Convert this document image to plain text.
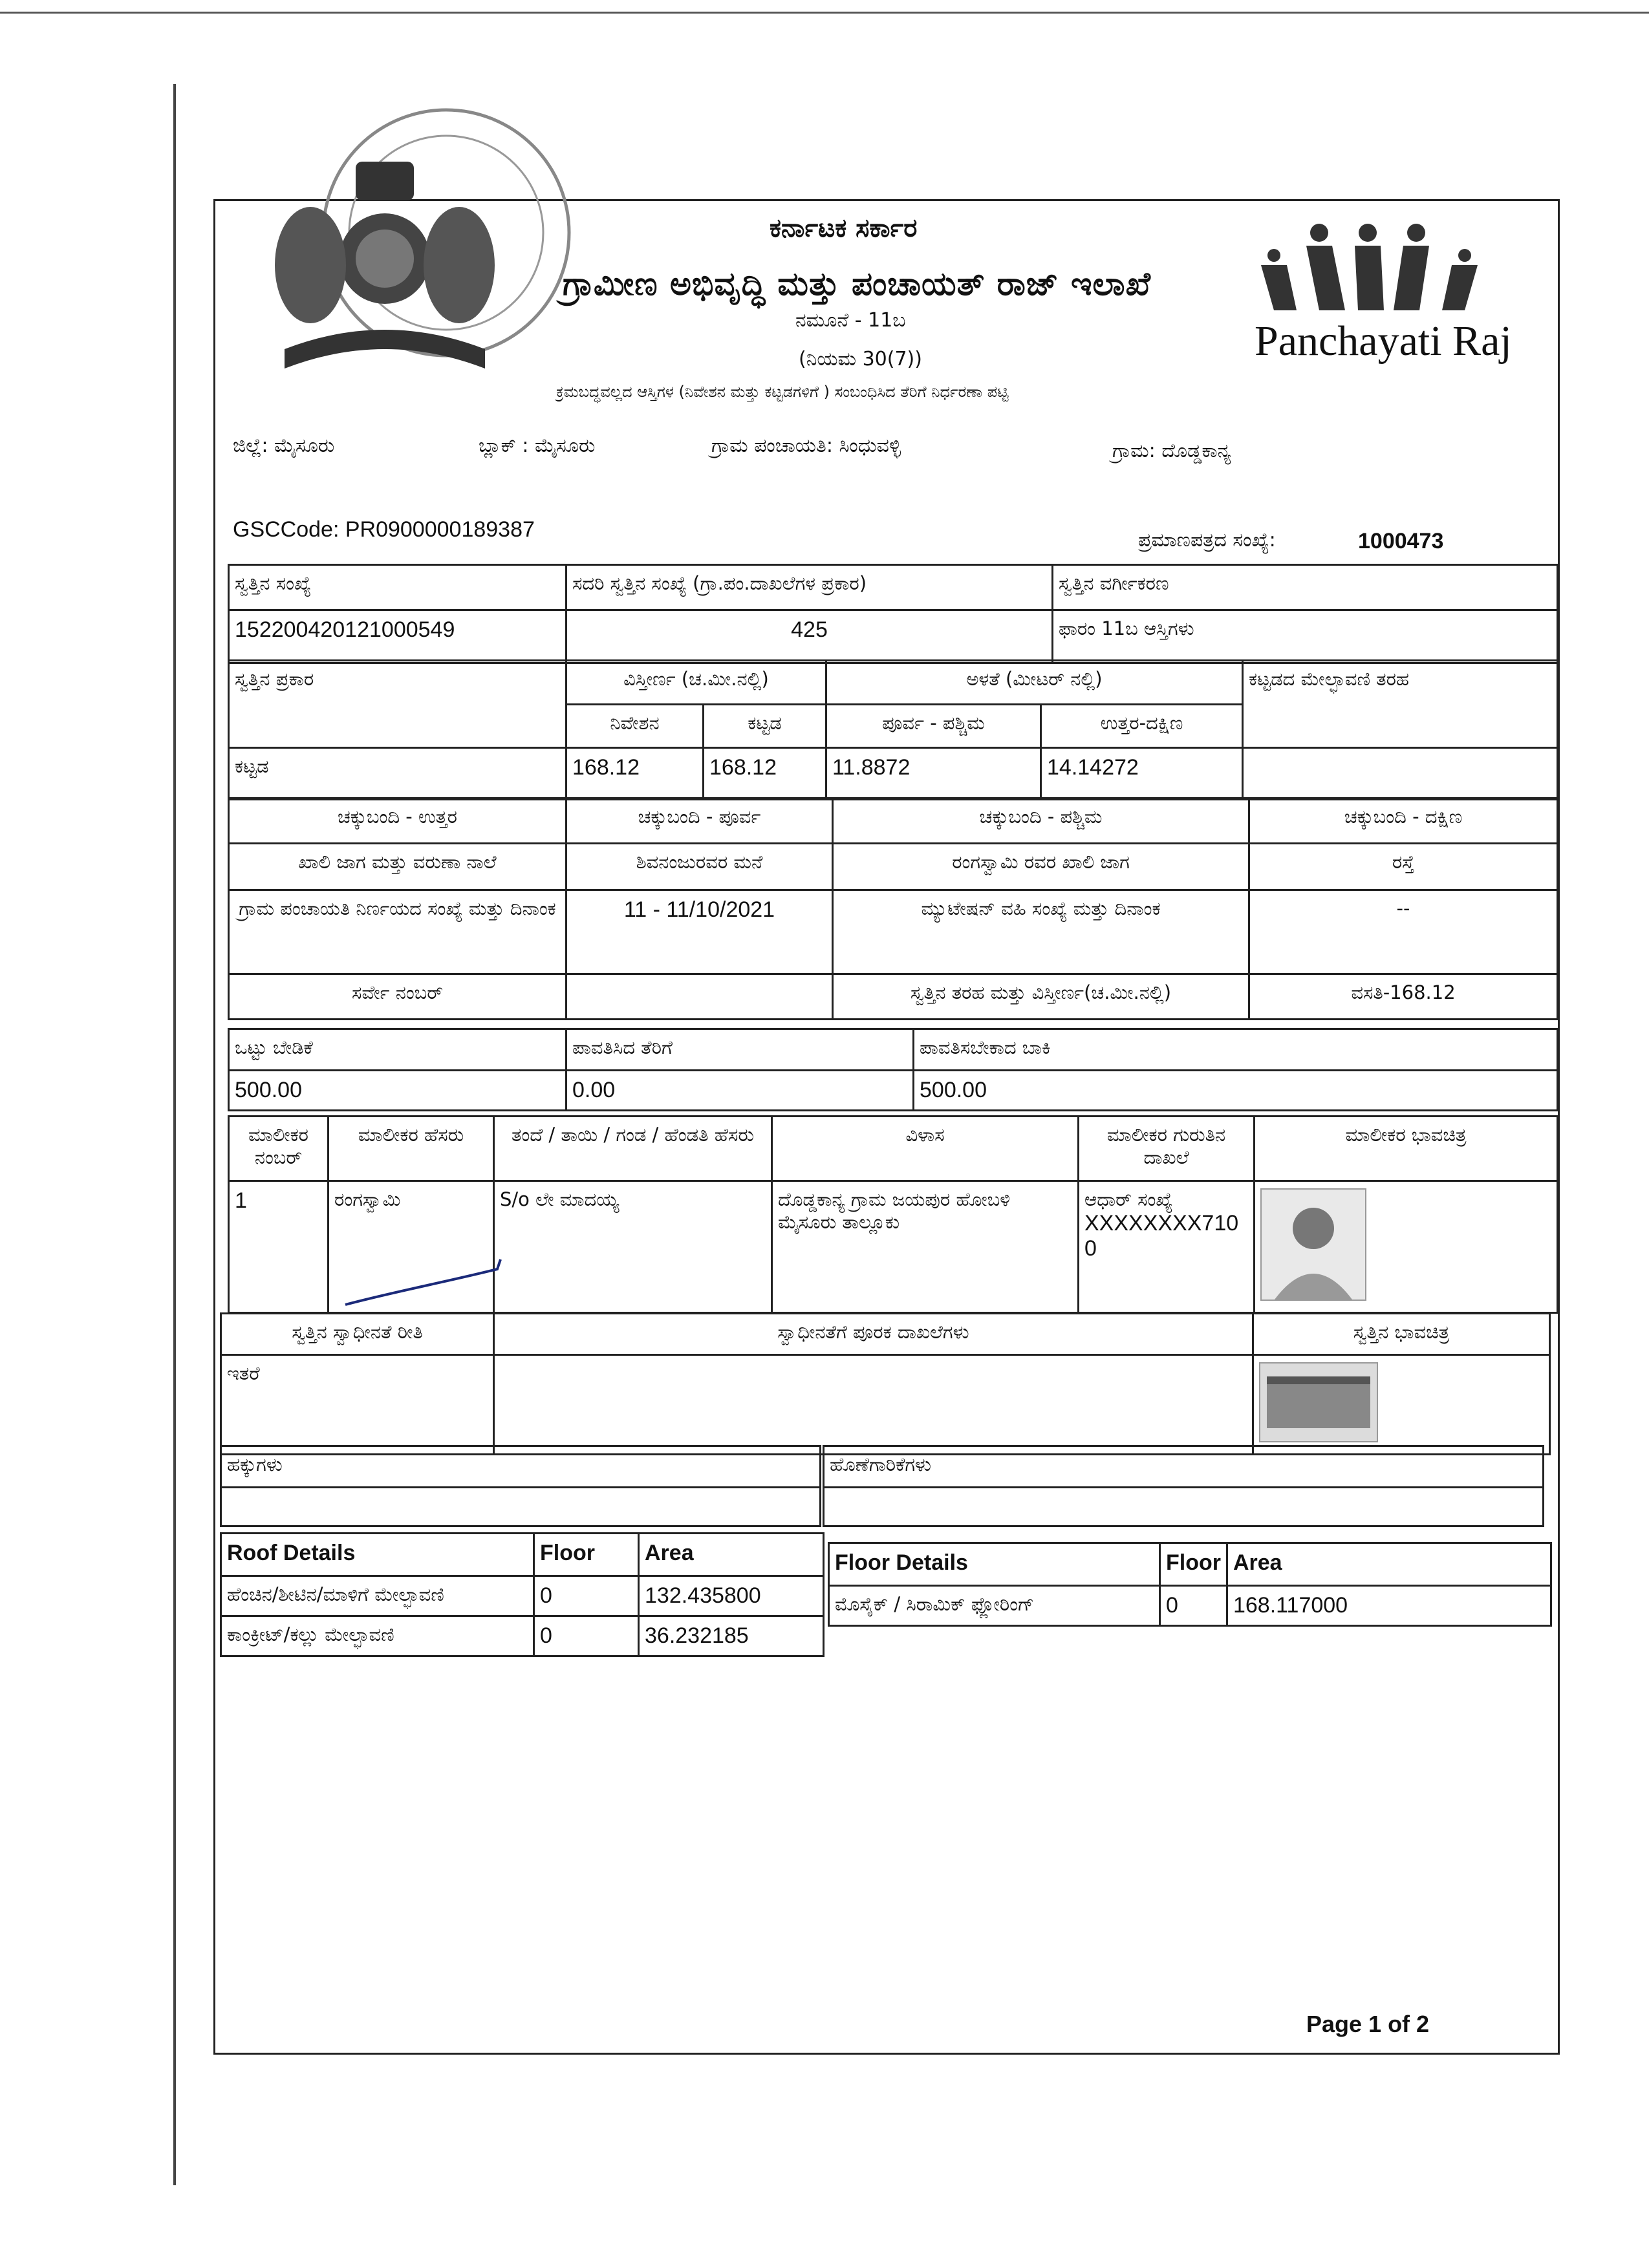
ಕರ್ನಾಟಕ ಸರ್ಕಾರ
ಗ್ರಾಮೀಣ ಅಭಿವೃದ್ಧಿ ಮತ್ತು ಪಂಚಾಯತ್ ರಾಜ್ ಇಲಾಖೆ
ನಮೂನೆ - 11ಬ
(ನಿಯಮ 30(7))
ಕ್ರಮಬದ್ಧವಲ್ಲದ ಆಸ್ತಿಗಳ (ನಿವೇಶನ ಮತ್ತು ಕಟ್ಟಡಗಳಿಗೆ ) ಸಂಬಂಧಿಸಿದ ತೆರಿಗೆ ನಿರ್ಧರಣಾ ಪಟ್ಟಿ
Panchayati Raj
ಜಿಲ್ಲೆ: ಮೈಸೂರು	ಬ್ಲಾಕ್ : ಮೈಸೂರು	ಗ್ರಾಮ ಪಂಚಾಯತಿ: ಸಿಂಧುವಳ್ಳಿ	ಗ್ರಾಮ: ದೊಡ್ಡಕಾನ್ಯ
GSCCode: PR0900000189387	ಪ್ರಮಾಣಪತ್ರದ ಸಂಖ್ಯೆ:	1000473
ಸ್ವತ್ತಿನ ಸಂಖ್ಯೆ	ಸದರಿ ಸ್ವತ್ತಿನ ಸಂಖ್ಯೆ (ಗ್ರಾ.ಪಂ.ದಾಖಲೆಗಳ ಪ್ರಕಾರ)	ಸ್ವತ್ತಿನ ವರ್ಗೀಕರಣ
152200420121000549	425	ಫಾರಂ 11ಬ ಆಸ್ತಿಗಳು
ಸ್ವತ್ತಿನ ಪ್ರಕಾರ	ವಿಸ್ತೀರ್ಣ (ಚ.ಮೀ.ನಲ್ಲಿ)		ಅಳತೆ (ಮೀಟರ್ ನಲ್ಲಿ)		ಕಟ್ಟಡದ ಮೇಲ್ಛಾವಣಿ ತರಹ
	ನಿವೇಶನ	ಕಟ್ಟಡ	ಪೂರ್ವ - ಪಶ್ಚಿಮ	ಉತ್ತರ-ದಕ್ಷಿಣ	
ಕಟ್ಟಡ	168.12	168.12	11.8872	14.14272	
ಚಕ್ಕುಬಂದಿ - ಉತ್ತರ	ಚಕ್ಕುಬಂದಿ - ಪೂರ್ವ	ಚಕ್ಕುಬಂದಿ - ಪಶ್ಚಿಮ	ಚಕ್ಕುಬಂದಿ - ದಕ್ಷಿಣ
ಖಾಲಿ ಜಾಗ ಮತ್ತು ವರುಣಾ ನಾಲೆ	ಶಿವನಂಜುರವರ ಮನೆ	ರಂಗಸ್ವಾಮಿ ರವರ ಖಾಲಿ ಜಾಗ	ರಸ್ತೆ
ಗ್ರಾಮ ಪಂಚಾಯತಿ ನಿರ್ಣಯದ ಸಂಖ್ಯೆ ಮತ್ತು ದಿನಾಂಕ	11 - 11/10/2021	ಮ್ಯುಟೇಷನ್ ವಹಿ ಸಂಖ್ಯೆ ಮತ್ತು ದಿನಾಂಕ	--
ಸರ್ವೇ ನಂಬರ್		ಸ್ವತ್ತಿನ ತರಹ ಮತ್ತು ವಿಸ್ತೀರ್ಣ(ಚ.ಮೀ.ನಲ್ಲಿ)	ವಸತಿ-168.12
ಒಟ್ಟು ಬೇಡಿಕೆ	ಪಾವತಿಸಿದ ತೆರಿಗೆ	ಪಾವತಿಸಬೇಕಾದ ಬಾಕಿ
500.00	0.00	500.00
ಮಾಲೀಕರ ನಂಬರ್	ಮಾಲೀಕರ ಹೆಸರು	ತಂದೆ / ತಾಯಿ / ಗಂಡ / ಹೆಂಡತಿ ಹೆಸರು	ವಿಳಾಸ	ಮಾಲೀಕರ ಗುರುತಿನ ದಾಖಲೆ	ಮಾಲೀಕರ ಭಾವಚಿತ್ರ
1	ರಂಗಸ್ವಾಮಿ	S/o ಲೇ ಮಾದಯ್ಯ	ದೊಡ್ಡಕಾನ್ಯ ಗ್ರಾಮ ಜಯಪುರ ಹೋಬಳಿ ಮೈಸೂರು ತಾಲ್ಲೂಕು	ಆಧಾರ್ ಸಂಖ್ಯೆ
XXXXXXXX7100

ಸ್ವತ್ತಿನ ಸ್ವಾಧೀನತೆ ರೀತಿ	ಸ್ವಾಧೀನತೆಗೆ ಪೂರಕ ದಾಖಲೆಗಳು	ಸ್ವತ್ತಿನ ಭಾವಚಿತ್ರ
ಇತರೆ		
ಹಕ್ಕುಗಳು	ಹೊಣೆಗಾರಿಕೆಗಳು

Roof Details	Floor	Area
ಹೆಂಚಿನ/ಶೀಟಿನ/ಮಾಳಿಗೆ ಮೇಲ್ಛಾವಣಿ	0	132.435800
ಕಾಂಕ್ರೀಟ್/ಕಲ್ಲು ಮೇಲ್ಛಾವಣಿ	0	36.232185
Floor Details	Floor	Area
ಮೊಸೈಕ್ / ಸಿರಾಮಿಕ್ ಫ್ಲೋರಿಂಗ್	0	168.117000
Page 1 of 2
